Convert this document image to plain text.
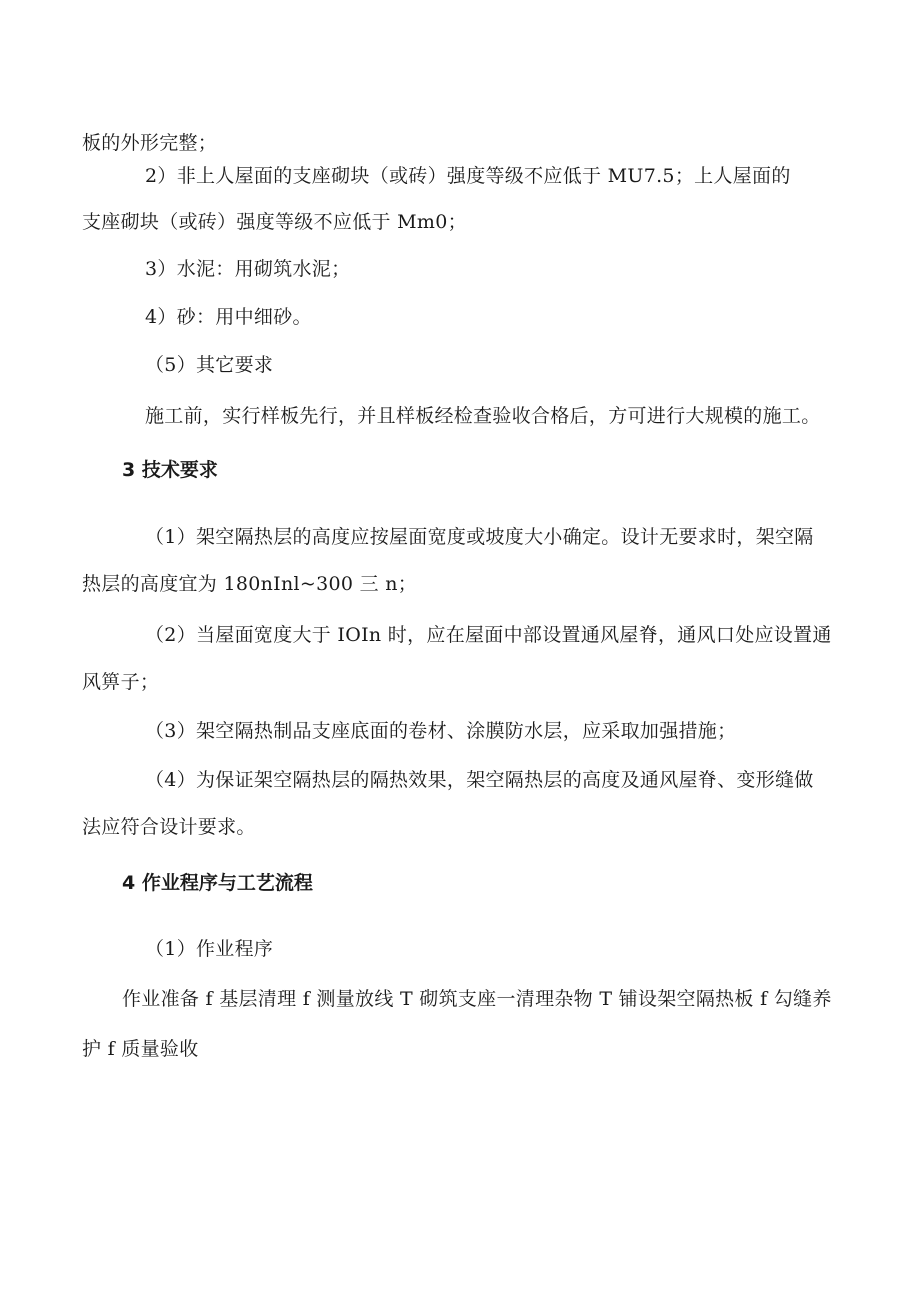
板的外形完整；
2）非上人屋面的支座砌块（或砖）强度等级不应低于 MU7.5；上人屋面的
支座砌块（或砖）强度等级不应低于 Mm0；
3）水泥：用砌筑水泥；
4）砂：用中细砂。
（5）其它要求
施工前，实行样板先行，并且样板经检查验收合格后，方可进行大规模的施工。
3 技术要求
（1）架空隔热层的高度应按屋面宽度或坡度大小确定。设计无要求时，架空隔
热层的高度宜为 180nInl~300 三 n；
（2）当屋面宽度大于 IOIn 时，应在屋面中部设置通风屋脊，通风口处应设置通
风箅子；
（3）架空隔热制品支座底面的卷材、涂膜防水层，应采取加强措施；
（4）为保证架空隔热层的隔热效果，架空隔热层的高度及通风屋脊、变形缝做
法应符合设计要求。
4 作业程序与工艺流程
（1）作业程序
作业准备 f 基层清理 f 测量放线 T 砌筑支座一清理杂物 T 铺设架空隔热板 f 勾缝养
护 f 质量验收
